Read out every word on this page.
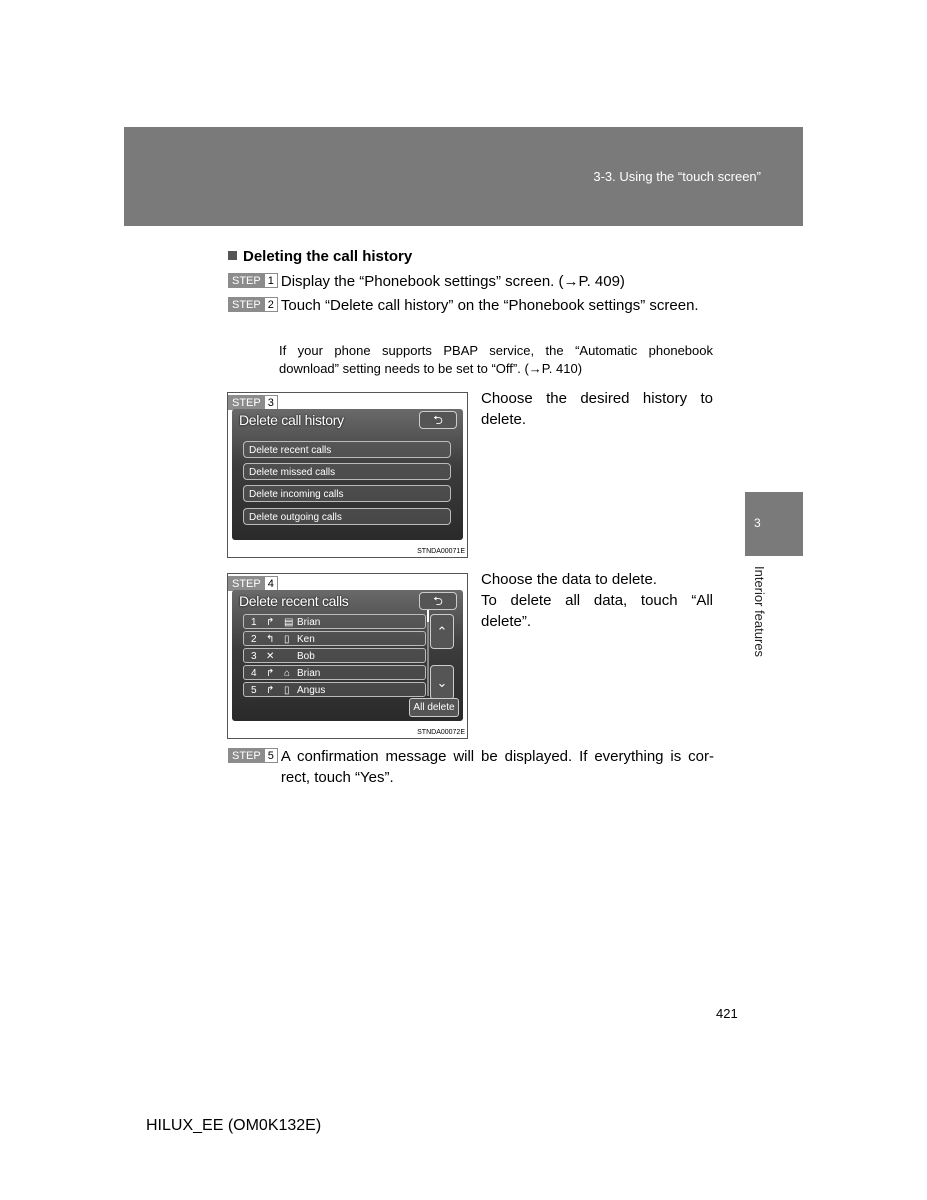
3-3. Using the “touch screen”
3
Interior features
Deleting the call history
STEP 1 Display the “Phonebook settings” screen. (→P. 409)
STEP 2 Touch “Delete call history” on the “Phonebook settings” screen.
If your phone supports PBAP service, the “Automatic phonebook download” setting needs to be set to “Off”. (→P. 410)
STEP 3
Delete call history	⮌
Delete recent calls
Delete missed calls
Delete incoming calls
Delete outgoing calls
STNDA00071E
Choose the desired history to delete.
STEP 4
Delete recent calls	⮌
1 ↱ ▤ Brian
2 ↰ ▯ Ken
3 ✕ Bob
4 ↱ ⌂ Brian
5 ↱ ▯ Angus
⌃
⌄
All delete
STNDA00072E
Choose the data to delete.
To delete all data, touch “All delete”.
STEP 5 A confirmation message will be displayed. If everything is cor-rect, touch “Yes”.
421
HILUX_EE (OM0K132E)
